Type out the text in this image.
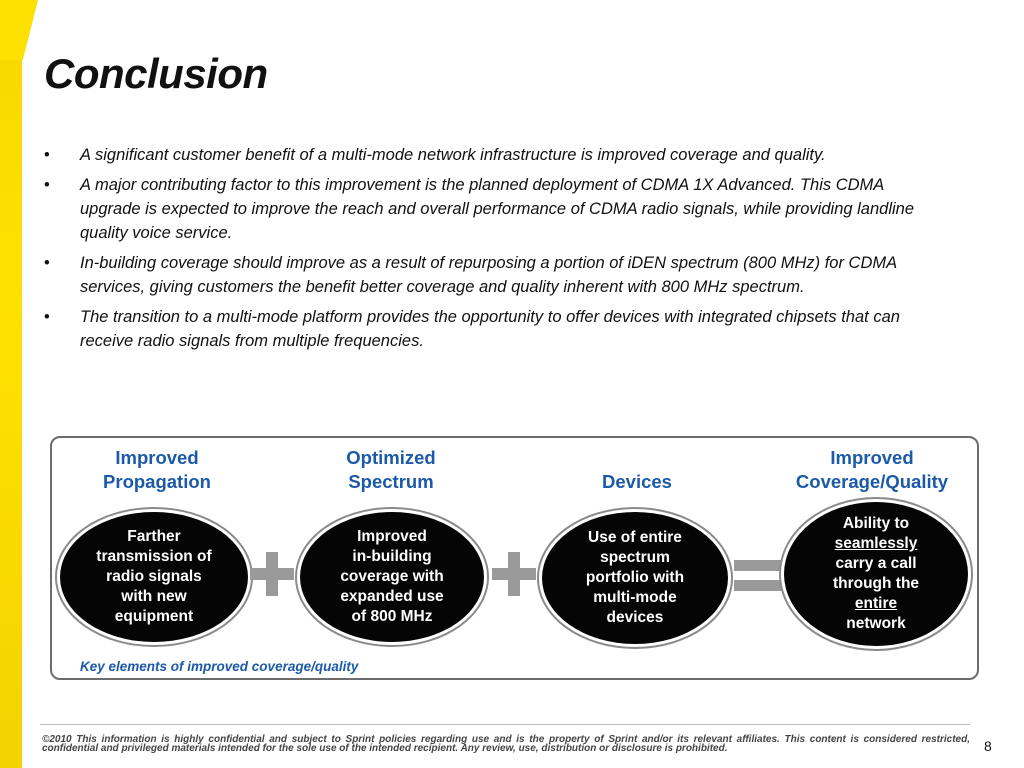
Conclusion
• A significant customer benefit of a multi-mode network infrastructure is improved coverage and quality.
• A major contributing factor to this improvement is the planned deployment of CDMA 1X Advanced. This CDMA upgrade is expected to improve the reach and overall performance of CDMA radio signals, while providing landline quality voice service.
• In-building coverage should improve as a result of repurposing a portion of iDEN spectrum (800 MHz) for CDMA services, giving customers the benefit better coverage and quality inherent with 800 MHz spectrum.
• The transition to a multi-mode platform provides the opportunity to offer devices with integrated chipsets that can receive radio signals from multiple frequencies.
Improved
Propagation
Farther
transmission of
radio signals
with new
equipment
Optimized
Spectrum
Improved
in-building
coverage with
expanded use
of 800 MHz
Devices
Use of entire
spectrum
portfolio with
multi-mode
devices
Improved
Coverage/Quality
Ability to
seamlessly
carry a call
through the
entire
network
Key elements of improved coverage/quality
©2010 This information is highly confidential and subject to Sprint policies regarding use and is the property of Sprint and/or its relevant affiliates. This content is considered restricted, confidential and privileged materials intended for the sole use of the intended recipient. Any review, use, distribution or disclosure is prohibited.	8
